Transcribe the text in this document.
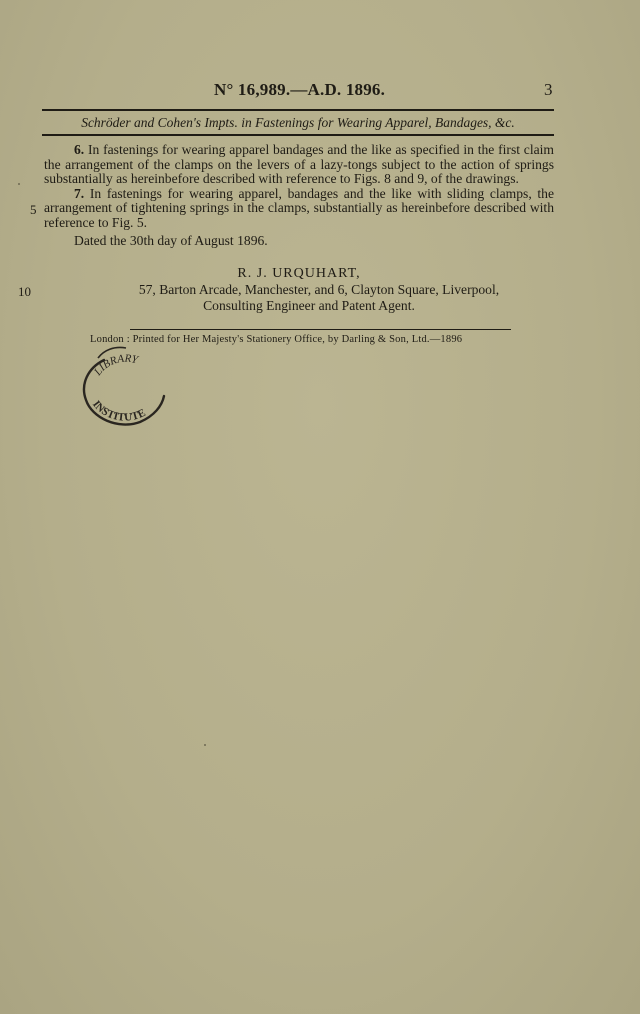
N° 16,989.—A.D. 1896.	3
Schröder and Cohen's Impts. in Fastenings for Wearing Apparel, Bandages, &c.

6. In fastenings for wearing apparel bandages and the like as specified in the first claim the arrangement of the clamps on the levers of a lazy-tongs subject to the action of springs substantially as hereinbefore described with reference to Figs. 8 and 9, of the drawings.

7. In fastenings for wearing apparel, bandages and the like with sliding clamps, the arrangement of tightening springs in the clamps, substantially as hereinbefore described with reference to Fig. 5.

Dated the 30th day of August 1896.

5
10
R. J. URQUHART,
57, Barton Arcade, Manchester, and 6, Clayton Square, Liverpool,
Consulting Engineer and Patent Agent.
London : Printed for Her Majesty's Stationery Office, by Darling & Son, Ltd.—1896
LIBRARY
INSTITUTE
